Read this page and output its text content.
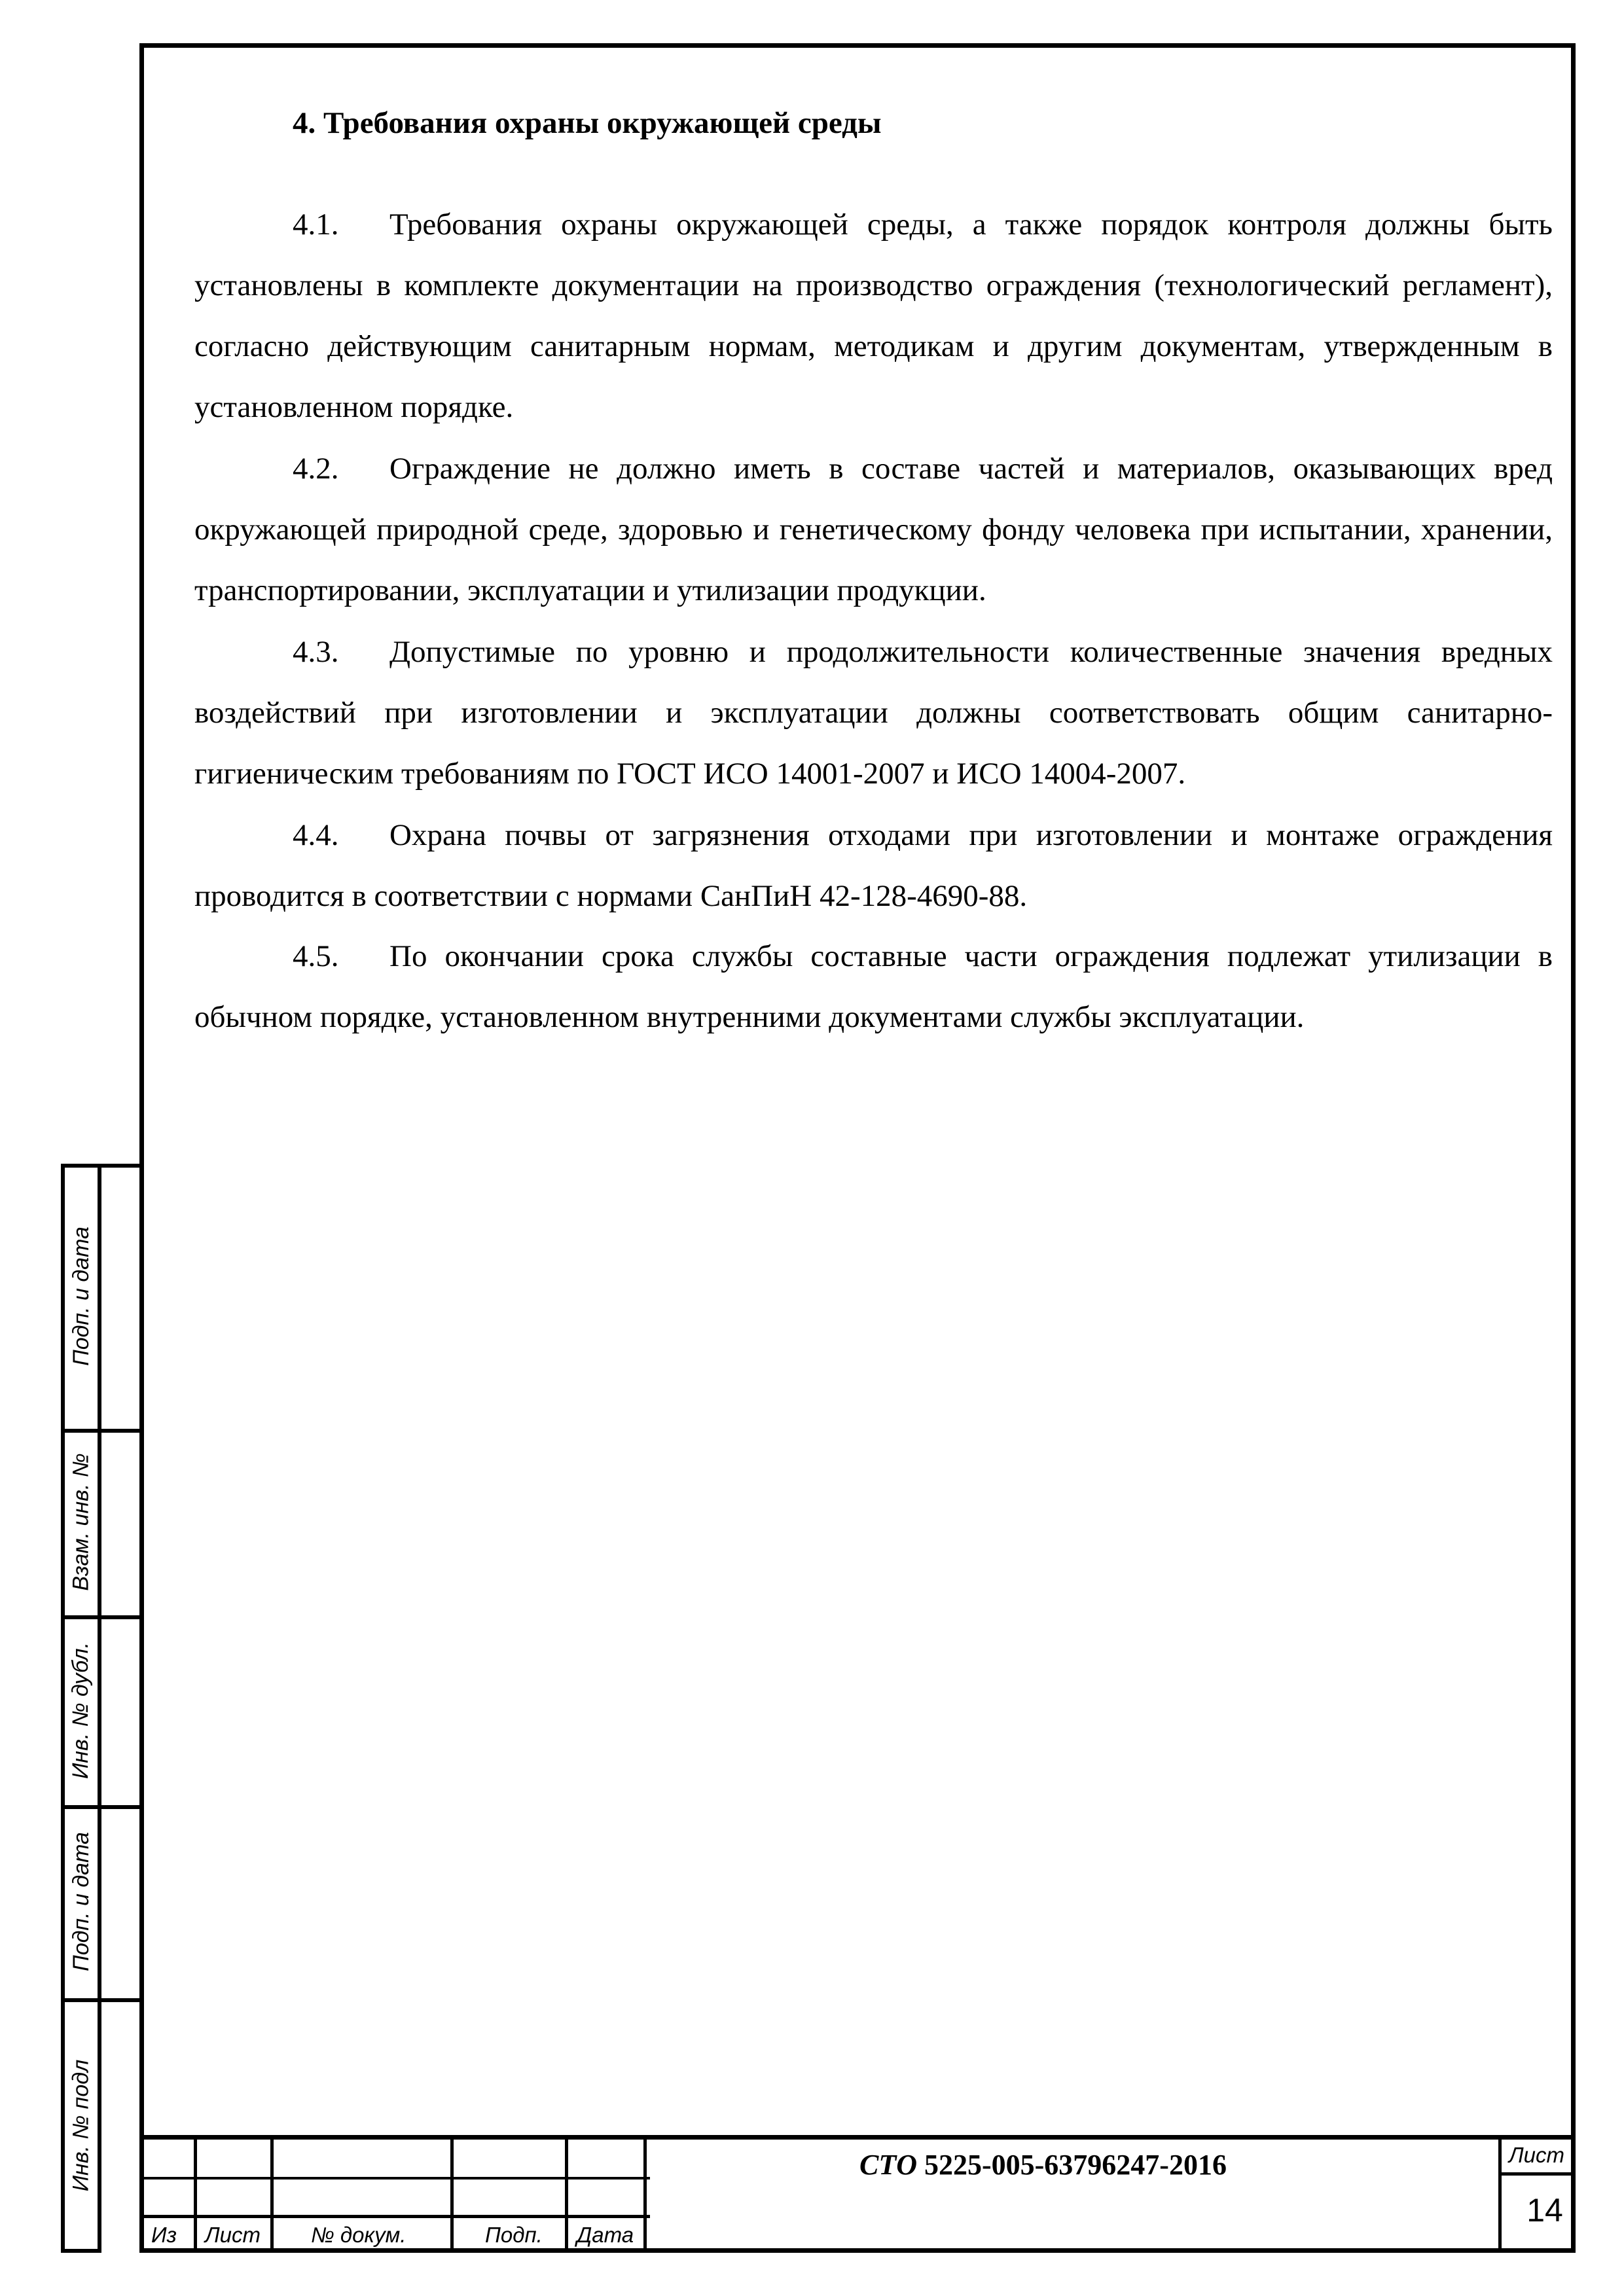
4. Требования охраны окружающей среды

4.1. Требования охраны окружающей среды, а также порядок контроля должны быть установлены в комплекте документации на производство ограждения (технологический регламент), согласно действующим санитарным нормам, методикам и другим документам, утвержденным в установленном порядке.

4.2. Ограждение не должно иметь в составе частей и материалов, оказывающих вред окружающей природной среде, здоровью и генетическому фонду человека при испытании, хранении, транспортировании, эксплуатации и утилизации продукции.

4.3. Допустимые по уровню и продолжительности количественные значения вредных воздействий при изготовлении и эксплуатации должны соответствовать общим санитарно-гигиеническим требованиям по ГОСТ ИСО 14001-2007 и ИСО 14004-2007.

4.4. Охрана почвы от загрязнения отходами при изготовлении и монтаже ограждения проводится в соответствии с нормами СанПиН 42-128-4690-88.

4.5. По окончании срока службы составные части ограждения подлежат утилизации в обычном порядке, установленном внутренними документами службы эксплуатации.

Подп. и дата
Взам. инв. №
Инв. № дубл.
Подп. и дата
Инв. № подл
Из Лист № докум.	Подп. Дата
СТО 5225-005-63796247-2016	Лист
14
